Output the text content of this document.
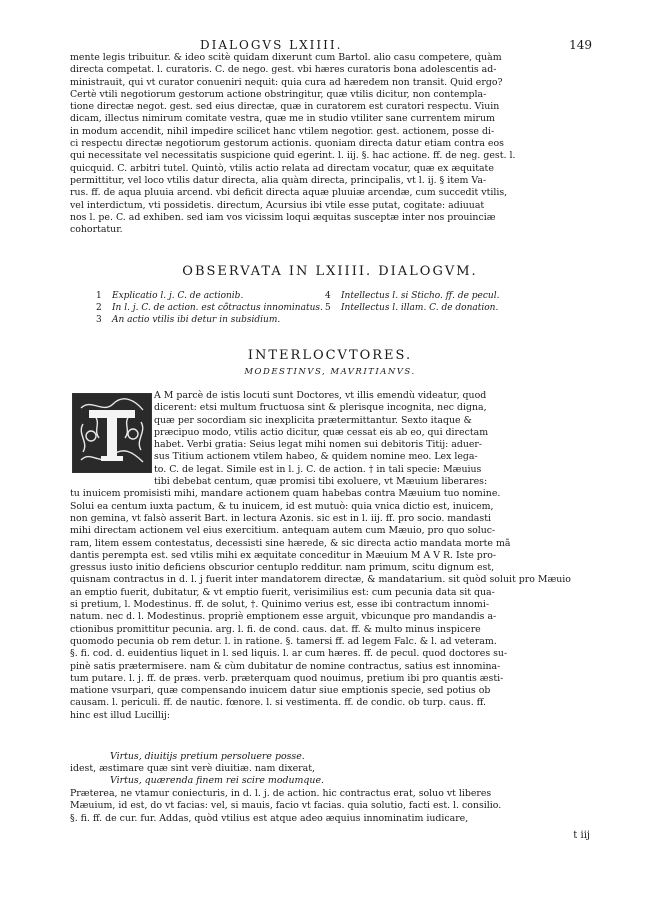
DIALOGVS LXIIII.	149

mente legis tribuitur. & ideo scitè quidam dixerunt cum Bartol. alio casu competere, quàm

directa competat. l. curatoris. C. de nego. gest. vbi hæres curatoris bona adolescentis ad-

ministrauit, qui vt curator conueniri nequit: quia cura ad hæredem non transit. Quid ergo?

Certè vtili negotiorum gestorum actione obstringitur, quæ vtilis dicitur, non contempla-

tione directæ negot. gest. sed eius directæ, quæ in curatorem est curatori respectu. Viuin

dicam, illectus nimirum comitate vestra, quæ me in studio vtiliter sane currentem mirum

in modum accendit, nihil impedire scilicet hanc vtilem negotior. gest. actionem, posse di-

ci respectu directæ negotiorum gestorum actionis. quoniam directa datur etiam contra eos

qui necessitate vel necessitatis suspicione quid egerint. l. iij. §. hac actione. ff. de neg. gest. l.

quicquid. C. arbitri tutel. Quintò, vtilis actio relata ad directam vocatur, quæ ex æquitate

permittitur, vel loco vtilis datur directa, alia quàm directa, principalis, vt l. ij. § item Va-

rus. ff. de aqua pluuia arcend. vbi deficit directa aquæ pluuiæ arcendæ, cum succedit vtilis,

vel interdictum, vti possidetis. directum, Acursius ibi vtile esse putat, cogitate: adiuuat

nos l. pe. C. ad exhiben. sed iam vos vicissim loqui æquitas susceptæ inter nos prouinciæ

cohortatur.

OBSERVATA IN LXIIII. DIALOGVM.
1 Explicatio l. j. C. de actionib.
2 In l. j. C. de action. est cõtractus innominatus.
3 An actio vtilis ibi detur in subsidium.
4 Intellectus l. si Sticho. ff. de pecul.
5 Intellectus l. illam. C. de donation.
INTERLOCVTORES.
MODESTINVS, MAVRITIANVS.

A M parcè de istis locuti sunt Doctores, vt illis emendù videatur, quod

dicerent: etsi multum fructuosa sint & plerisque incognita, nec digna,

quæ per socordiam sic inexplicita prætermittantur. Sexto itaque &

præcipuo modo, vtilis actio dicitur, quæ cessat eis ab eo, qui directam

habet. Verbi gratia: Seius legat mihi nomen sui debitoris Titij: aduer-

sus Titium actionem vtilem habeo, & quidem nomine meo. Lex lega-

to. C. de legat. Simile est in l. j. C. de action. † in tali specie: Mæuius

tibi debebat centum, quæ promisi tibi exoluere, vt Mæuium liberares:

tu inuicem promisisti mihi, mandare actionem quam habebas contra Mæuium tuo nomine.

Solui ea centum iuxta pactum, & tu inuicem, id est mutuò: quia vnica dictio est, inuicem,

non gemina, vt falsò asserit Bart. in lectura Azonis. sic est in l. iij. ff. pro socio. mandasti

mihi directam actionem vel eius exercitium. antequam autem cum Mæuio, pro quo soluc-

ram, litem essem contestatus, decessisti sine hærede, & sic directa actio mandata morte mã

dantis perempta est. sed vtilis mihi ex æquitate conceditur in Mæuium M A V R. Iste pro-

gressus iusto initio deficiens obscurior centuplo redditur. nam primum, scitu dignum est,

quisnam contractus in d. l. j fuerit inter mandatorem directæ, & mandatarium. sit quòd soluit pro Mæuio

an emptio fuerit, dubitatur, & vt emptio fuerit, verisimilius est: cum pecunia data sit qua-

si pretium, l. Modestinus. ff. de solut, †. Quinimo verius est, esse ibi contractum innomi-

natum. nec d. l. Modestinus. propriè emptionem esse arguit, vbicunque pro mandandis a-

ctionibus promittitur pecunia. arg. l. fi. de cond. caus. dat. ff. & multo minus inspicere

quomodo pecunia ob rem detur. l. in ratione. §. tamersi ff. ad legem Falc. & l. ad veteram.

§. fi. cod. d. euidentius liquet in l. sed liquis. l. ar cum hæres. ff. de pecul. quod doctores su-

pinè satis prætermisere. nam & cùm dubitatur de nomine contractus, satius est innomina-

tum putare. l. j. ff. de præs. verb. præterquam quod nouimus, pretium ibi pro quantis æsti-

matione vsurpari, quæ compensando inuicem datur siue emptionis specie, sed potius ob

causam. l. periculi. ff. de nautic. fœnore. l. si vestimenta. ff. de condic. ob turp. caus. ff.

hinc est illud Lucillij:

Virtus, diuitijs pretium persoluere posse.
idest, æstimare quæ sint verè diuitiæ. nam dixerat,
Virtus, quærenda finem rei scire modumque.

Præterea, ne vtamur coniecturis, in d. l. j. de action. hic contractus erat, soluo vt liberes

Mæuium, id est, do vt facias: vel, si mauis, facio vt facias. quia solutio, facti est. l. consilio.

§. fi. ff. de cur. fur. Addas, quòd vtilius est atque adeo æquius innominatim iudicare,

t iij
